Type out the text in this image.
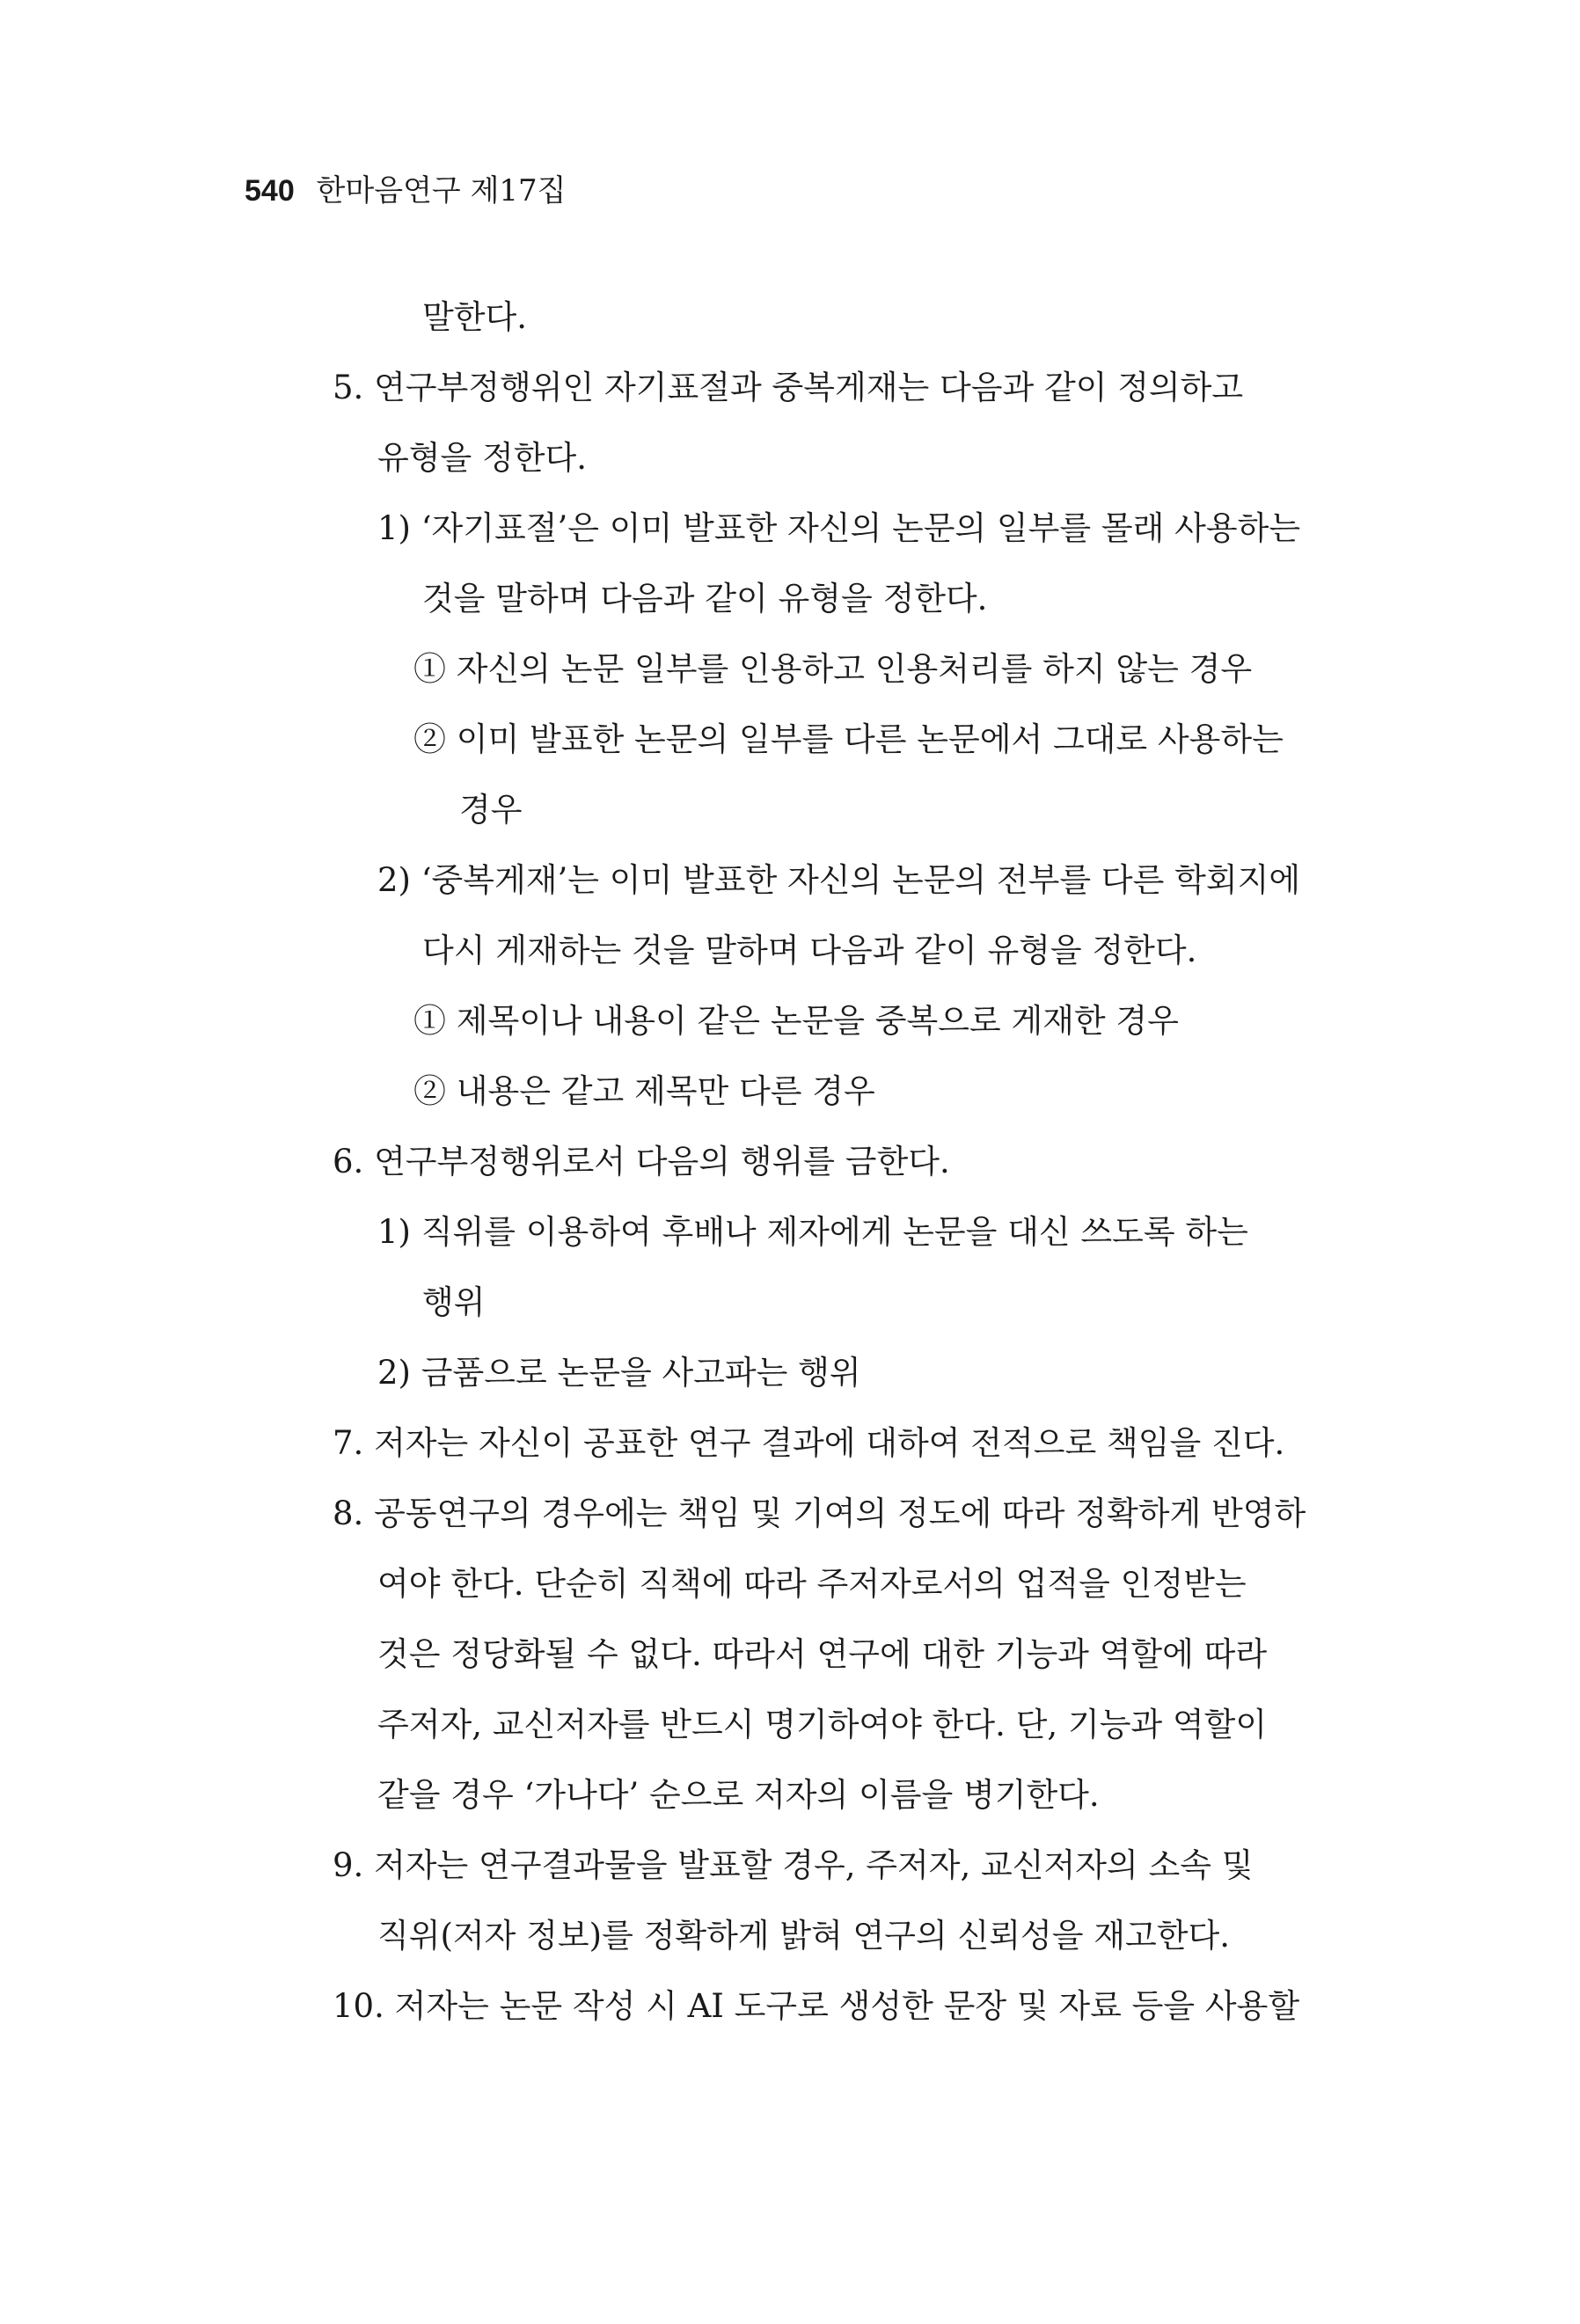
540 한마음연구 제17집
말한다.
5. 연구부정행위인 자기표절과 중복게재는 다음과 같이 정의하고
유형을 정한다.
1) ‘자기표절’은 이미 발표한 자신의 논문의 일부를 몰래 사용하는
것을 말하며 다음과 같이 유형을 정한다.
① 자신의 논문 일부를 인용하고 인용처리를 하지 않는 경우
② 이미 발표한 논문의 일부를 다른 논문에서 그대로 사용하는
경우
2) ‘중복게재’는 이미 발표한 자신의 논문의 전부를 다른 학회지에
다시 게재하는 것을 말하며 다음과 같이 유형을 정한다.
① 제목이나 내용이 같은 논문을 중복으로 게재한 경우
② 내용은 같고 제목만 다른 경우
6. 연구부정행위로서 다음의 행위를 금한다.
1) 직위를 이용하여 후배나 제자에게 논문을 대신 쓰도록 하는
행위
2) 금품으로 논문을 사고파는 행위
7. 저자는 자신이 공표한 연구 결과에 대하여 전적으로 책임을 진다.
8. 공동연구의 경우에는 책임 및 기여의 정도에 따라 정확하게 반영하
여야 한다. 단순히 직책에 따라 주저자로서의 업적을 인정받는
것은 정당화될 수 없다. 따라서 연구에 대한 기능과 역할에 따라
주저자, 교신저자를 반드시 명기하여야 한다. 단, 기능과 역할이
같을 경우 ‘가나다’ 순으로 저자의 이름을 병기한다.
9. 저자는 연구결과물을 발표할 경우, 주저자, 교신저자의 소속 및
직위(저자 정보)를 정확하게 밝혀 연구의 신뢰성을 재고한다.
10. 저자는 논문 작성 시 AI 도구로 생성한 문장 및 자료 등을 사용할
